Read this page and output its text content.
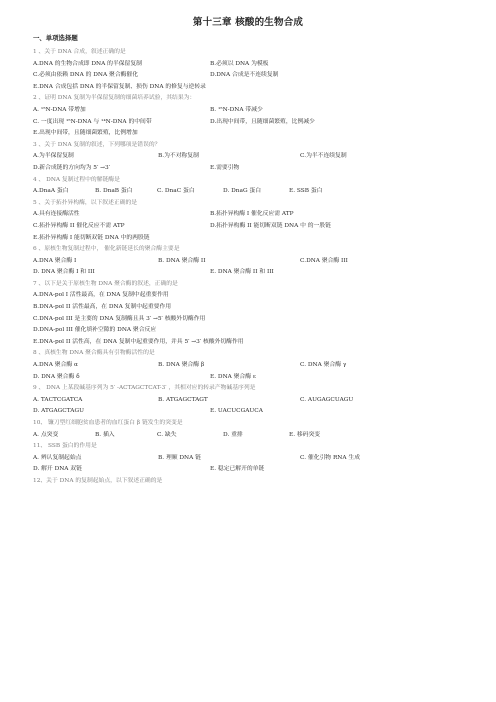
第十三章 核酸的生物合成
一、单项选择题
1 、关于 DNA 合成，叙述正确的是
A.DNA 的生物合成即 DNA 的半保留复制	B.必须以 DNA 为模板
C.必须由依赖 DNA 的 DNA 聚合酶催化	D.DNA 合成是不连续复制
E.DNA 合成包括 DNA 的半保留复制、损伤 DNA 的修复与逆转录
2 、证明 DNA 复制为半保留复制的细菌培养试验，其结果为：
A. ¹⁵N-DNA 带增加	B. ¹⁵N-DNA 带减少
C. 一度出现 ¹⁵N-DNA 与 ¹⁴N-DNA 的中间带	D.出现中间带，且随细菌繁殖，比例减少
E.出现中间带，且随细菌繁殖，比例增加
3 、关于 DNA 复制的叙述，下列哪项是错误的？
A.为半保留复制	B.为不对称复制	C.为半不连续复制
D.新合成链的方向均为 5′ →3′	E.需要引物
4 、 DNA 复制过程中的解链酶是
A.DnaA 蛋白	B. DnaB 蛋白	C. DnaC 蛋白	D. DnaG 蛋白	E. SSB 蛋白
5 、关于拓扑异构酶，以下叙述正确的是
A.具有连接酶活性	B.拓扑异构酶 I 催化反应需 ATP
C.拓扑异构酶 II 催化反应不需 ATP	D.拓扑异构酶 II 能切断双链 DNA 中 的一股链
E.拓扑异构酶 I 能切断双链 DNA 中的两股链
6 、原核生物复制过程中， 催化新链延长的聚合酶主要是
A.DNA 聚合酶 I	B. DNA 聚合酶 II	C.DNA 聚合酶 III
D. DNA 聚合酶 I 和 III	E. DNA 聚合酶 II 和 III
7 、以下是关于原核生物 DNA 聚合酶的叙述，正确的是
A.DNA-pol I 活性最高，在 DNA 复制中起重要作用
B.DNA-pol II 活性最高，在 DNA 复制中起重要作用
C.DNA-pol III 是主要的 DNA 复制酶且具 3′ →5′ 核酸外切酶作用
D.DNA-pol III 催化填补空隙的 DNA 聚合反应
E.DNA-pol II 活性高，在 DNA 复制中起重要作用，并具 5′ →3′ 核酸外切酶作用
8 、真核生物 DNA 聚合酶具有引物酶活性的是
A.DNA 聚合酶 α	B. DNA 聚合酶 β	C. DNA 聚合酶 γ
D. DNA 聚合酶 δ	E. DNA 聚合酶 ε
9 、 DNA 上某段碱基序列为 5′ -ACTAGCTCAT-3′ ，其相对应的转录产物碱基序列是
A. TACTCGATCA	B. ATGAGCTAGT	C. AUGAGCUAGU
D. ATGAGCTAGU	E. UACUCGAUCA
10、 镰刀型红细胞贫血患者的血红蛋白 β 链发生的突变是
A. 点突变	B. 插入	C. 缺失	D. 重排	E. 移码突变
11、 SSB 蛋白的作用是
A. 辨认复制起始点	B. 理顺 DNA 链	C. 催化引物 RNA 生成
D. 解开 DNA 双链	E. 稳定已解开的单链
12、关于 DNA 的复制起始点，以下叙述正确的是
